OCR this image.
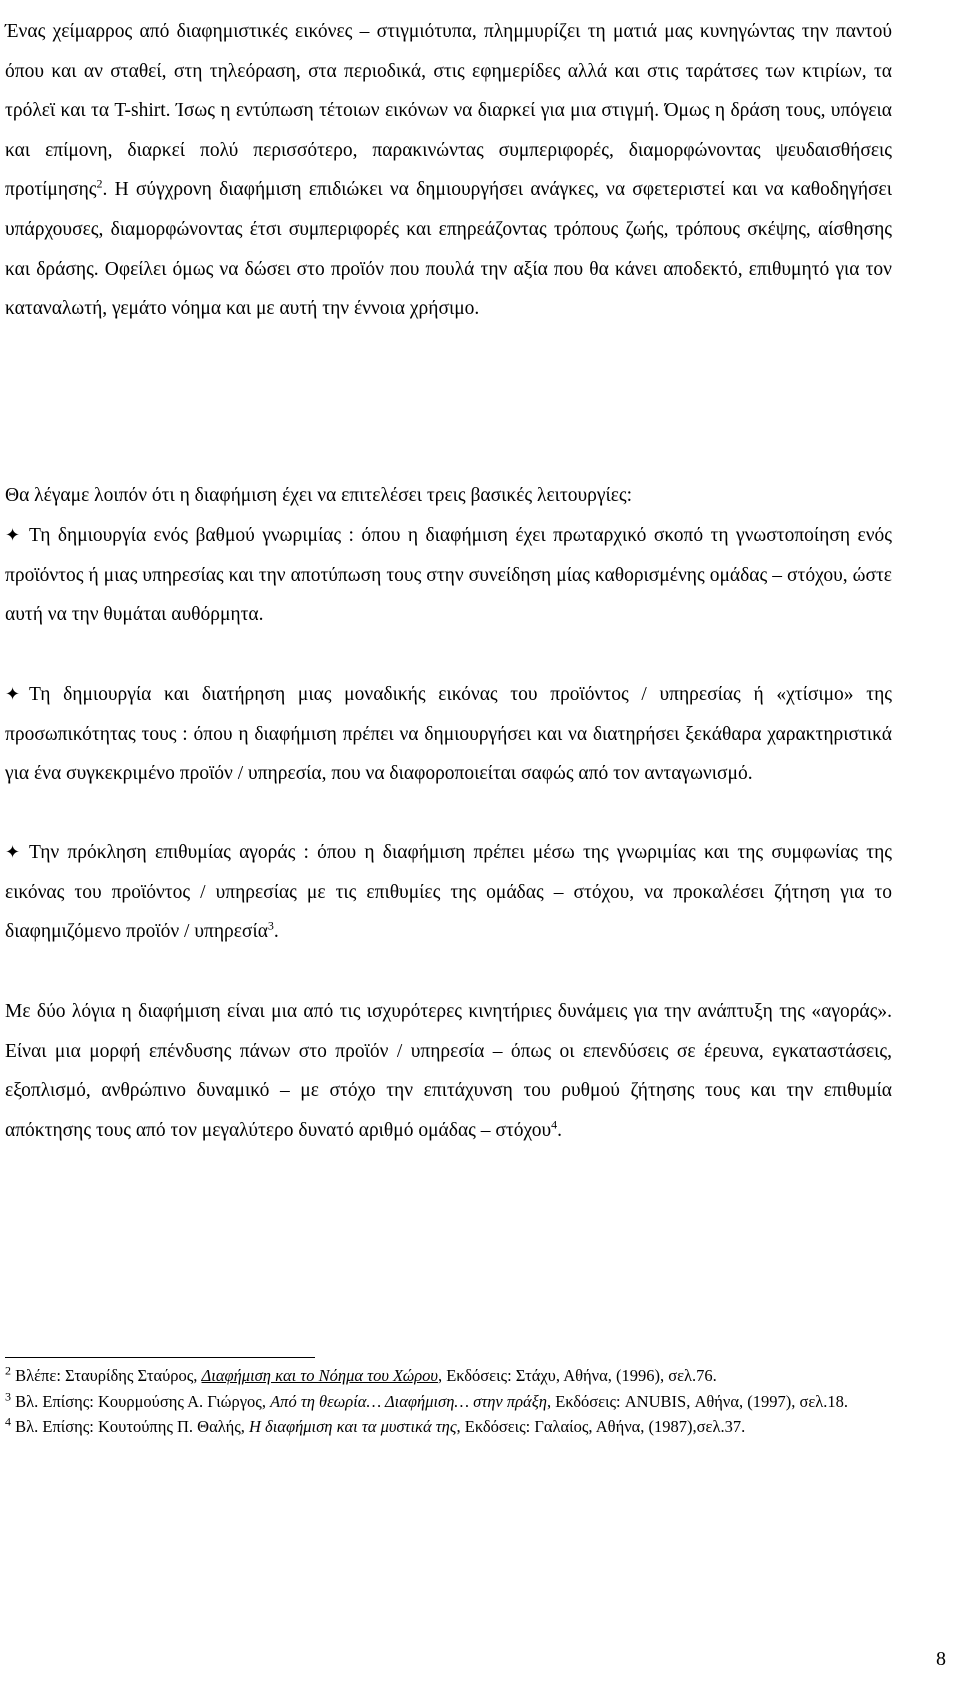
Ένας χείμαρρος από διαφημιστικές εικόνες – στιγμιότυπα, πλημμυρίζει τη ματιά μας κυνηγώντας την παντού όπου και αν σταθεί, στη τηλεόραση, στα περιοδικά, στις εφημερίδες αλλά και στις ταράτσες των κτιρίων, τα τρόλεϊ και τα T-shirt. Ίσως η εντύπωση τέτοιων εικόνων να διαρκεί για μια στιγμή. Όμως η δράση τους, υπόγεια και επίμονη, διαρκεί πολύ περισσότερο, παρακινώντας συμπεριφορές, διαμορφώνοντας ψευδαισθήσεις προτίμησης$^2$. Η σύγχρονη διαφήμιση επιδιώκει να δημιουργήσει ανάγκες, να σφετεριστεί και να καθοδηγήσει υπάρχουσες, διαμορφώνοντας έτσι συμπεριφορές και επηρεάζοντας τρόπους ζωής, τρόπους σκέψης, αίσθησης και δράσης. Οφείλει όμως να δώσει στο προϊόν που πουλά την αξία που θα κάνει αποδεκτό, επιθυμητό για τον καταναλωτή, γεμάτο νόημα και με αυτή την έννοια χρήσιμο.

Θα λέγαμε λοιπόν ότι η διαφήμιση έχει να επιτελέσει τρεις βασικές λειτουργίες:

✦ Τη δημιουργία ενός βαθμού γνωριμίας : όπου η διαφήμιση έχει πρωταρχικό σκοπό τη γνωστοποίηση ενός προϊόντος ή μιας υπηρεσίας και την αποτύπωση τους στην συνείδηση μίας καθορισμένης ομάδας – στόχου, ώστε αυτή να την θυμάται αυθόρμητα.

✦ Τη δημιουργία και διατήρηση μιας μοναδικής εικόνας του προϊόντος / υπηρεσίας ή «χτίσιμο» της προσωπικότητας τους : όπου η διαφήμιση πρέπει να δημιουργήσει και να διατηρήσει ξεκάθαρα χαρακτηριστικά για ένα συγκεκριμένο προϊόν / υπηρεσία, που να διαφοροποιείται σαφώς από τον ανταγωνισμό.

✦ Την πρόκληση επιθυμίας αγοράς : όπου η διαφήμιση πρέπει μέσω της γνωριμίας και της συμφωνίας της εικόνας του προϊόντος / υπηρεσίας με τις επιθυμίες της ομάδας – στόχου, να προκαλέσει ζήτηση για το διαφημιζόμενο προϊόν / υπηρεσία$^3$.

Με δύο λόγια η διαφήμιση είναι μια από τις ισχυρότερες κινητήριες δυνάμεις για την ανάπτυξη της «αγοράς». Είναι μια μορφή επένδυσης πάνων στο προϊόν / υπηρεσία – όπως οι επενδύσεις σε έρευνα, εγκαταστάσεις, εξοπλισμό, ανθρώπινο δυναμικό – με στόχο την επιτάχυνση του ρυθμού ζήτησης τους και την επιθυμία απόκτησης τους από τον μεγαλύτερο δυνατό αριθμό ομάδας – στόχου$^4$.

$^2$ Βλέπε: Σταυρίδης Σταύρος, Διαφήμιση και το Νόημα του Χώρου, Εκδόσεις: Στάχυ, Αθήνα, (1996), σελ.76.

$^3$ Βλ. Επίσης: Κουρμούσης Α. Γιώργος, Από τη θεωρία… Διαφήμιση… στην πράξη, Εκδόσεις: ANUBIS, Αθήνα, (1997), σελ.18.

$^4$ Βλ. Επίσης: Κουτούπης Π. Θαλής, Η διαφήμιση και τα μυστικά της, Εκδόσεις: Γαλαίος, Αθήνα, (1987),σελ.37.

8
